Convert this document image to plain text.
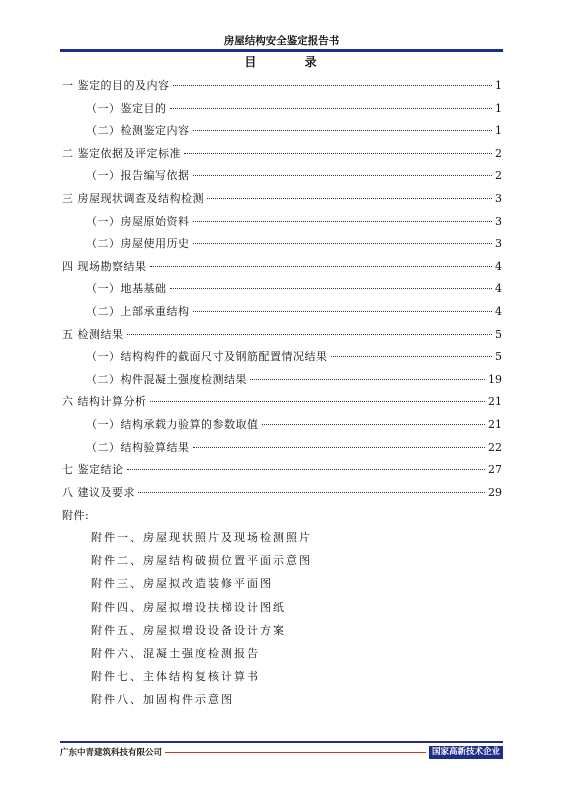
房屋结构安全鉴定报告书
目 录
一 鉴定的目的及内容	1
（一）鉴定目的	1
（二）检测鉴定内容	1
二 鉴定依据及评定标准	2
（一）报告编写依据	2
三 房屋现状调查及结构检测	3
（一）房屋原始资料	3
（二）房屋使用历史	3
四 现场勘察结果	4
（一）地基基础	4
（二）上部承重结构	4
五 检测结果	5
（一）结构构件的截面尺寸及钢筋配置情况结果	5
（二）构件混凝土强度检测结果	19
六 结构计算分析	21
（一）结构承载力验算的参数取值	21
（二）结构验算结果	22
七 鉴定结论	27
八 建议及要求	29
附件:
附件一、房屋现状照片及现场检测照片
附件二、房屋结构破损位置平面示意图
附件三、房屋拟改造装修平面图
附件四、房屋拟增设扶梯设计图纸
附件五、房屋拟增设设备设计方案
附件六、混凝土强度检测报告
附件七、主体结构复核计算书
附件八、加固构件示意图
广东中青建筑科技有限公司	国家高新技术企业
